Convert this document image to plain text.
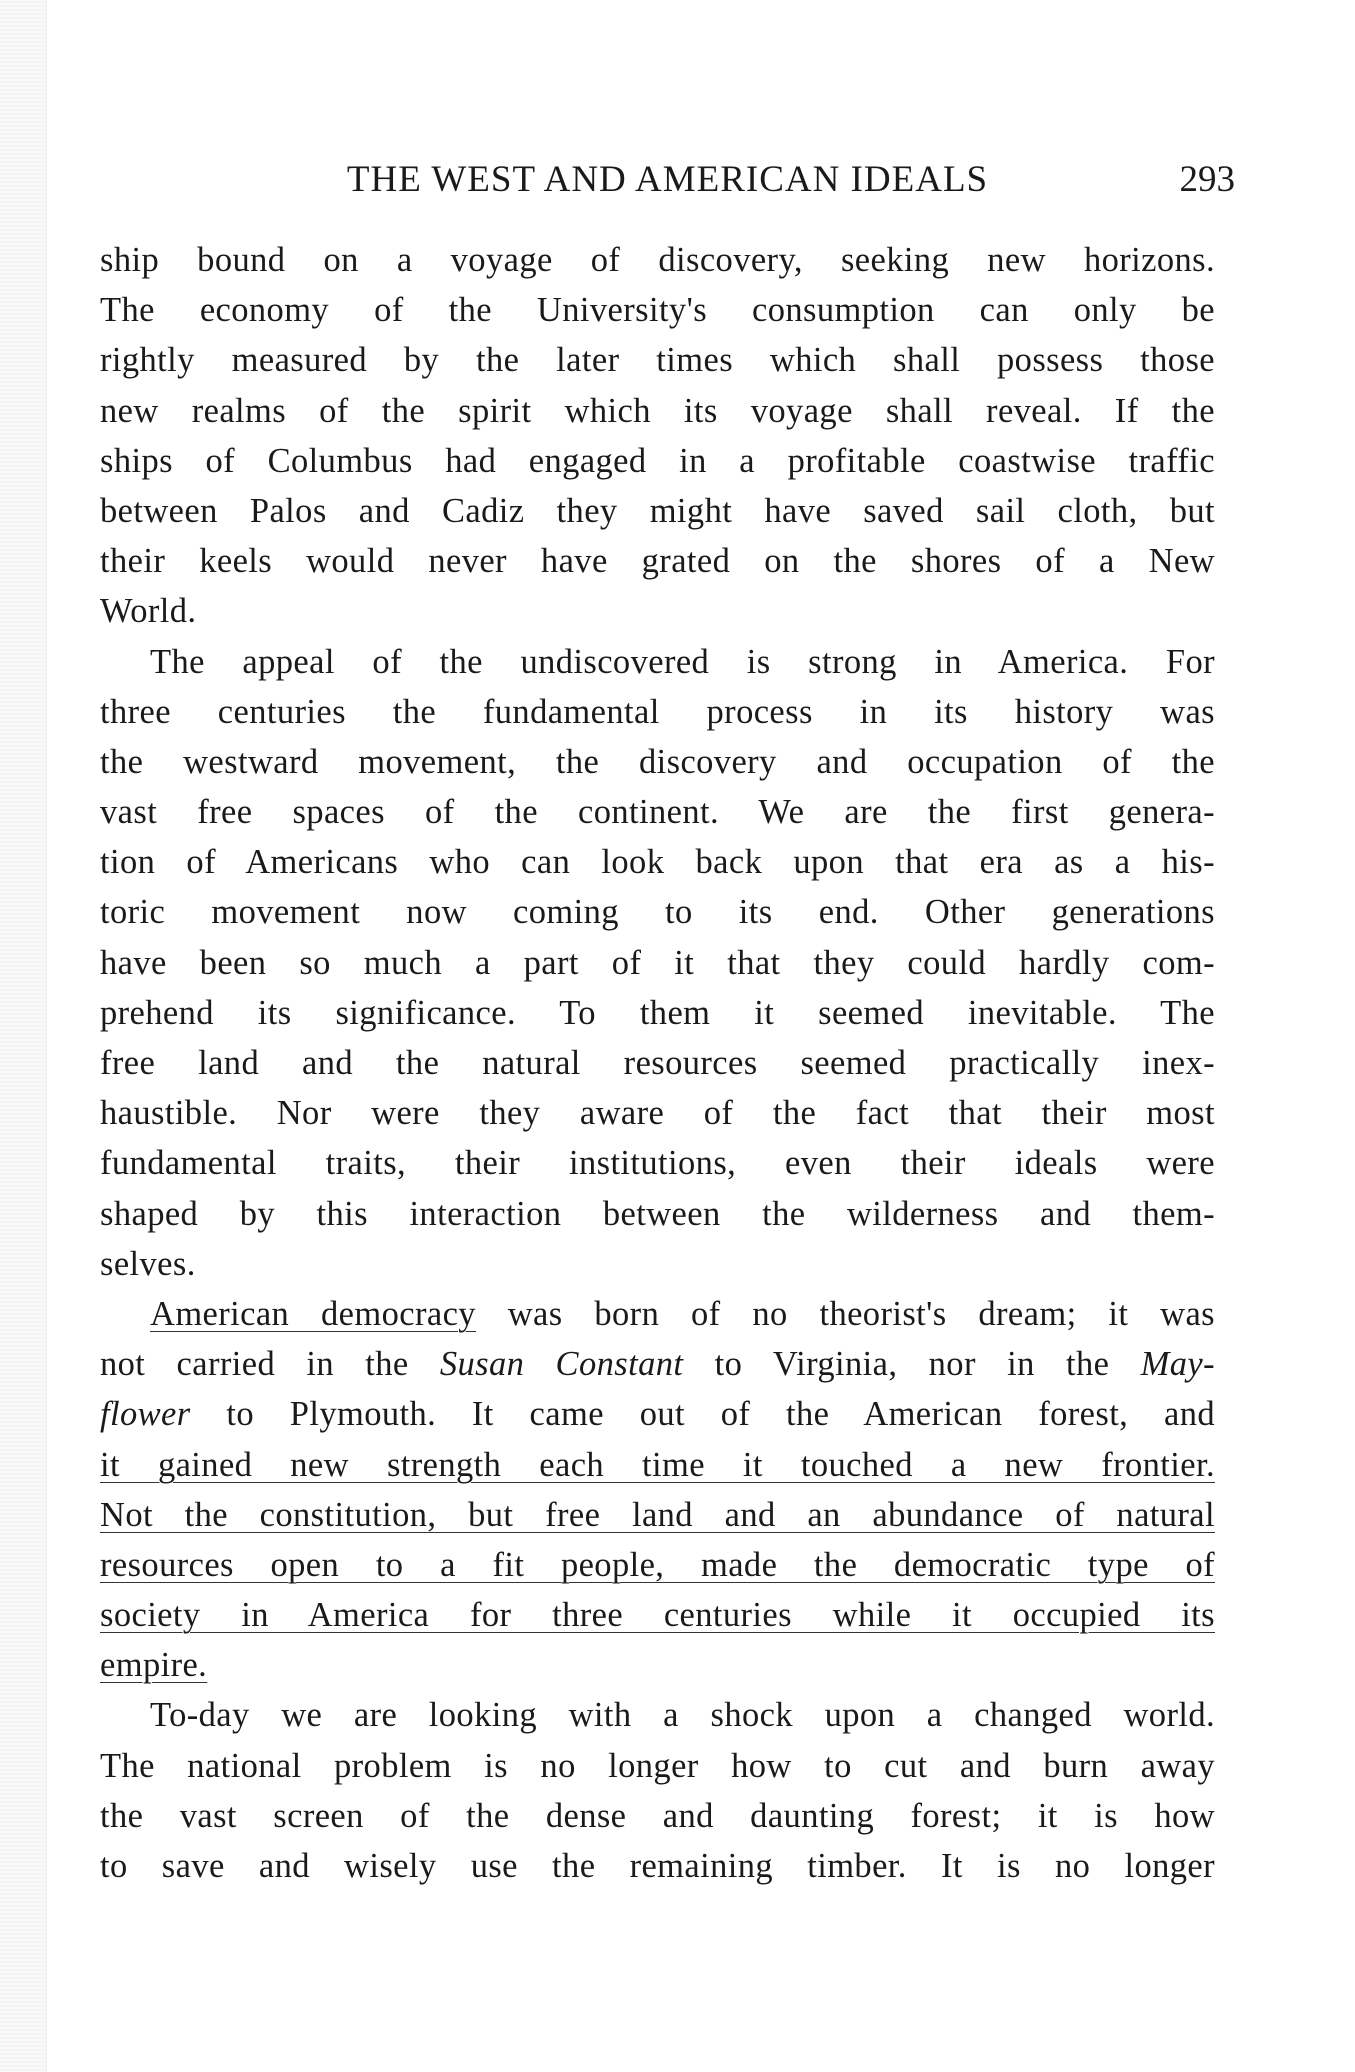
THE WEST AND AMERICAN IDEALS	293
ship bound on a voyage of discovery, seeking new horizons.
The economy of the University's consumption can only be
rightly measured by the later times which shall possess those
new realms of the spirit which its voyage shall reveal. If the
ships of Columbus had engaged in a profitable coastwise traffic
between Palos and Cadiz they might have saved sail cloth, but
their keels would never have grated on the shores of a New
World.
The appeal of the undiscovered is strong in America. For
three centuries the fundamental process in its history was
the westward movement, the discovery and occupation of the
vast free spaces of the continent. We are the first genera-
tion of Americans who can look back upon that era as a his-
toric movement now coming to its end. Other generations
have been so much a part of it that they could hardly com-
prehend its significance. To them it seemed inevitable. The
free land and the natural resources seemed practically inex-
haustible. Nor were they aware of the fact that their most
fundamental traits, their institutions, even their ideals were
shaped by this interaction between the wilderness and them-
selves.
American democracy was born of no theorist's dream; it was
not carried in the Susan Constant to Virginia, nor in the May-
flower to Plymouth. It came out of the American forest, and
it gained new strength each time it touched a new frontier.
Not the constitution, but free land and an abundance of natural
resources open to a fit people, made the democratic type of
society in America for three centuries while it occupied its
empire.
To-day we are looking with a shock upon a changed world.
The national problem is no longer how to cut and burn away
the vast screen of the dense and daunting forest; it is how
to save and wisely use the remaining timber. It is no longer
